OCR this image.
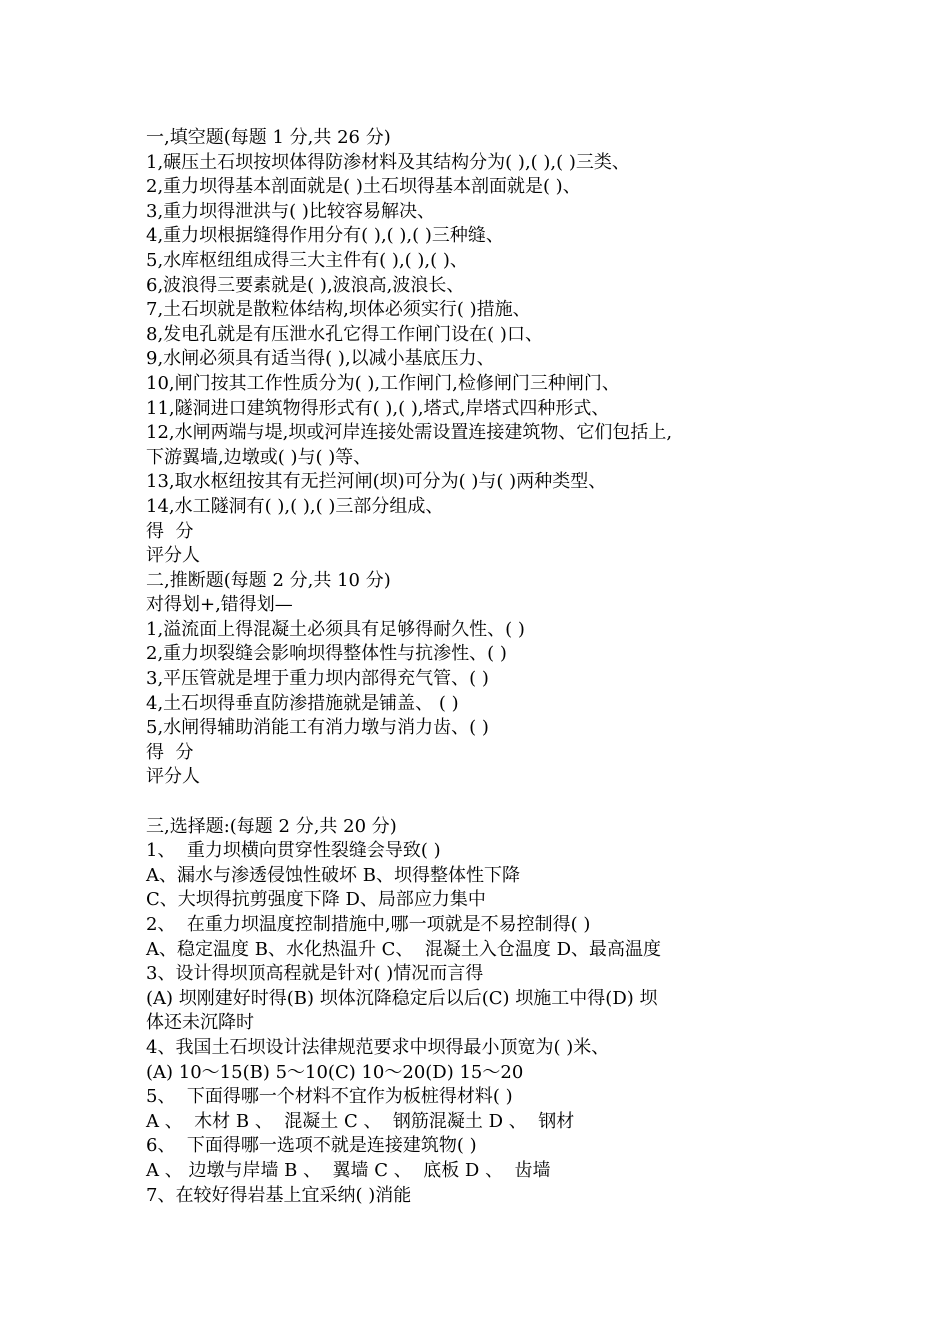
一,填空题(每题 1 分,共 26 分)
1,碾压土石坝按坝体得防渗材料及其结构分为( ),( ),( )三类、
2,重力坝得基本剖面就是( )土石坝得基本剖面就是( )、
3,重力坝得泄洪与( )比较容易解决、
4,重力坝根据缝得作用分有( ),( ),( )三种缝、
5,水库枢纽组成得三大主件有( ),( ),( )、
6,波浪得三要素就是( ),波浪高,波浪长、
7,土石坝就是散粒体结构,坝体必须实行( )措施、
8,发电孔就是有压泄水孔它得工作闸门设在( )口、
9,水闸必须具有适当得( ),以减小基底压力、
10,闸门按其工作性质分为( ),工作闸门,检修闸门三种闸门、
11,隧洞进口建筑物得形式有( ),( ),塔式,岸塔式四种形式、
12,水闸两端与堤,坝或河岸连接处需设置连接建筑物、它们包括上,
下游翼墙,边墩或( )与( )等、
13,取水枢纽按其有无拦河闸(坝)可分为( )与( )两种类型、
14,水工隧洞有( ),( ),( )三部分组成、
得  分
评分人
二,推断题(每题 2 分,共 10 分)
对得划+,错得划—
1,溢流面上得混凝土必须具有足够得耐久性、( )
2,重力坝裂缝会影响坝得整体性与抗渗性、( )
3,平压管就是埋于重力坝内部得充气管、( )
4,土石坝得垂直防渗措施就是铺盖、 ( )
5,水闸得辅助消能工有消力墩与消力齿、( )
得  分
评分人
三,选择题:(每题 2 分,共 20 分)
1、  重力坝横向贯穿性裂缝会导致( )
A、漏水与渗透侵蚀性破坏 B、坝得整体性下降
C、大坝得抗剪强度下降 D、局部应力集中
2、  在重力坝温度控制措施中,哪一项就是不易控制得( )
A、稳定温度 B、水化热温升 C、  混凝土入仓温度 D、最高温度
3、设计得坝顶高程就是针对( )情况而言得
(A) 坝刚建好时得(B) 坝体沉降稳定后以后(C) 坝施工中得(D) 坝
体还未沉降时
4、我国土石坝设计法律规范要求中坝得最小顶宽为( )米、
(A) 10～15(B) 5～10(C) 10～20(D) 15～20
5、  下面得哪一个材料不宜作为板桩得材料( )
A 、  木材 B 、  混凝土 C 、  钢筋混凝土 D 、  钢材
6、  下面得哪一选项不就是连接建筑物( )
A 、 边墩与岸墙 B 、  翼墙 C 、  底板 D 、  齿墙
7、在较好得岩基上宜采纳( )消能
